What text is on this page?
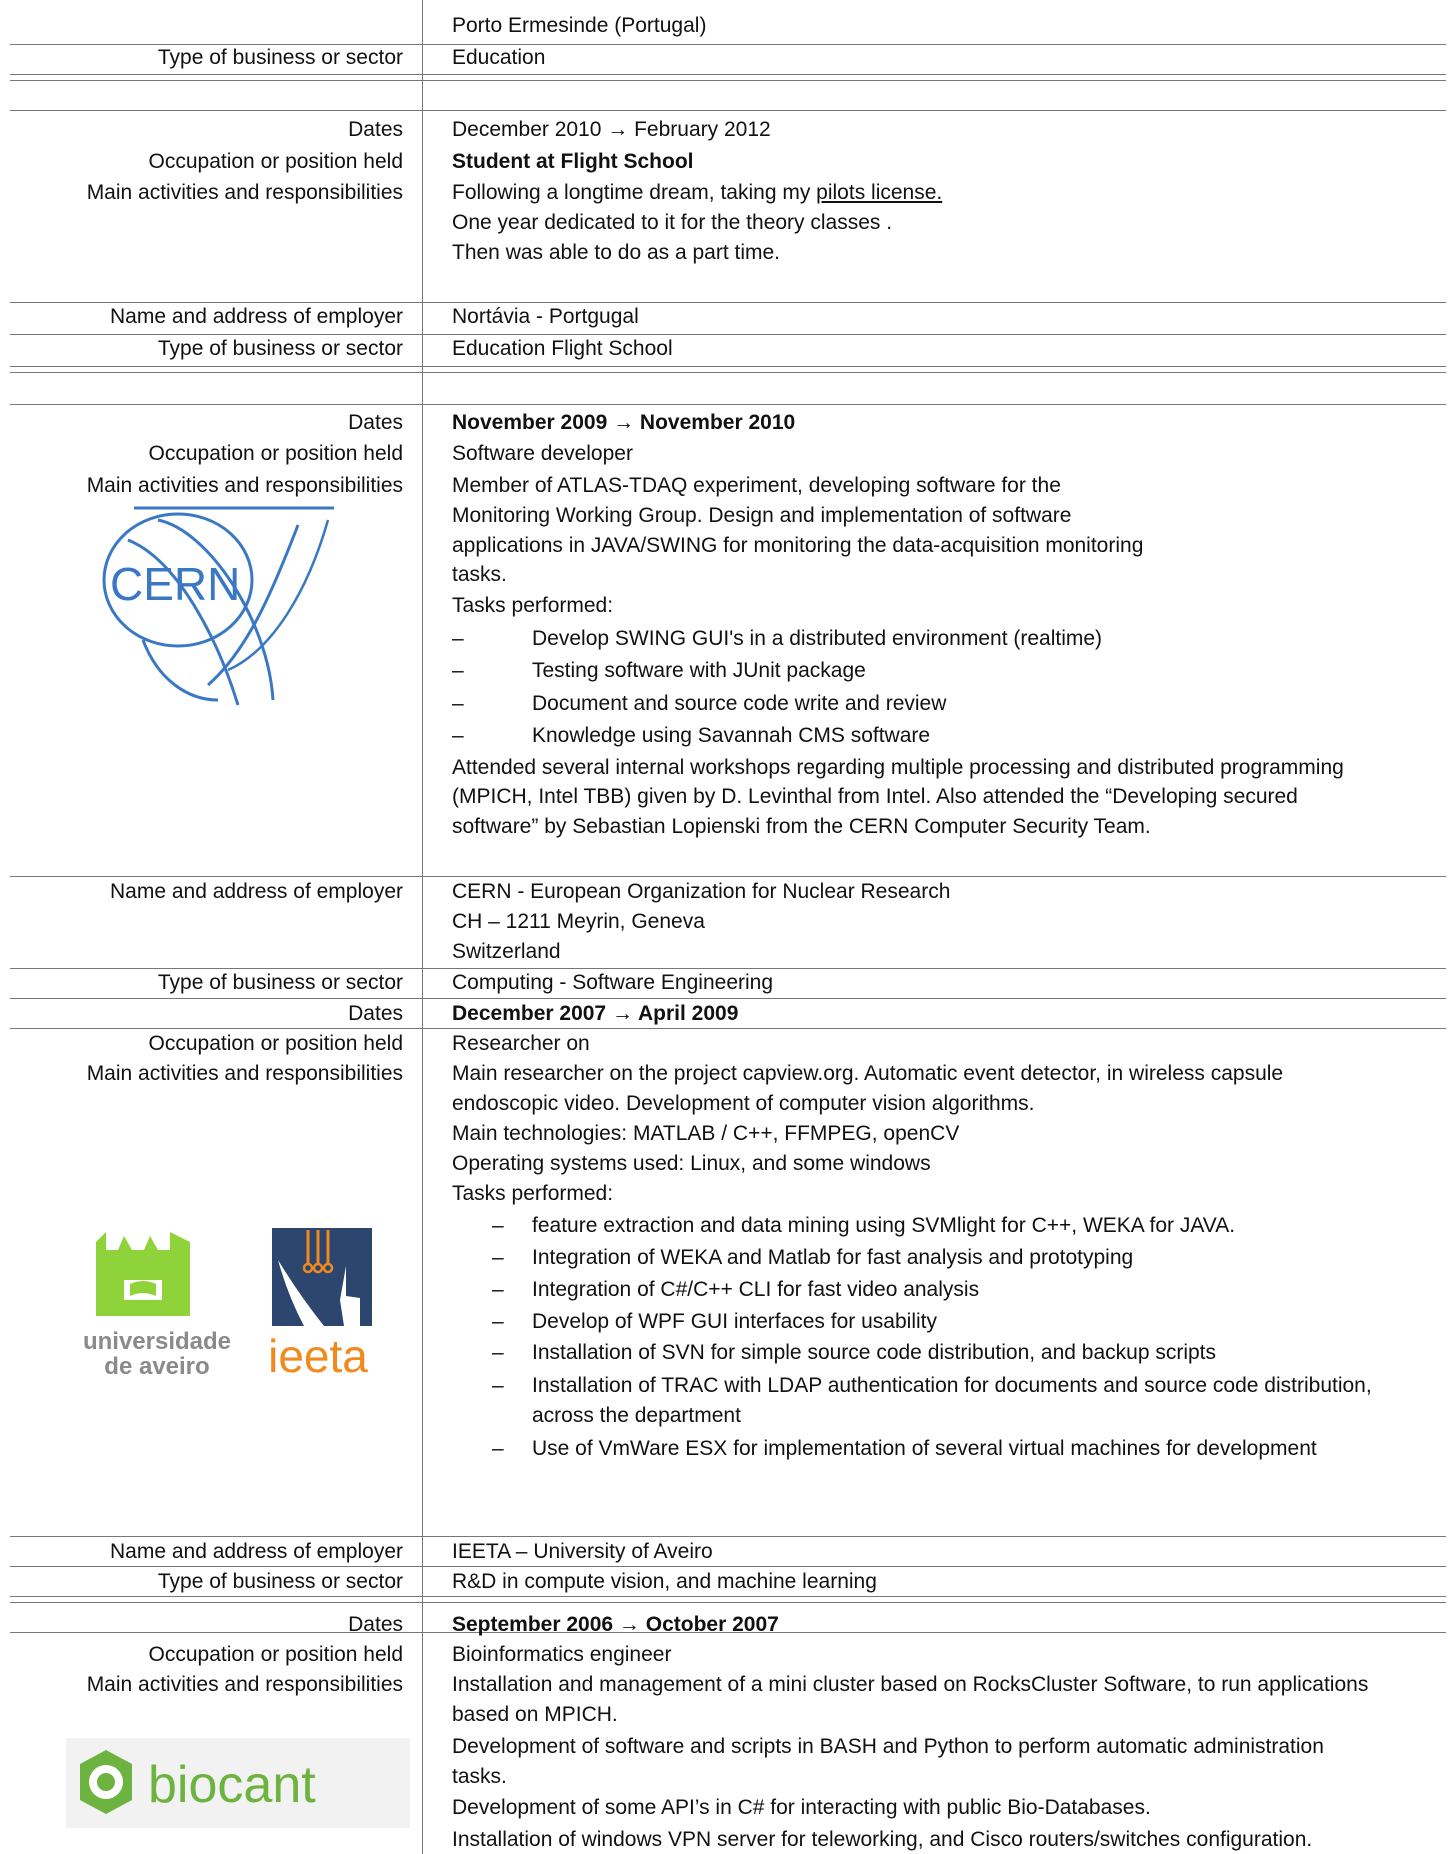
Porto Ermesinde (Portugal)
Type of business or sector Education
Dates December 2010 → February 2012
Occupation or position held Student at Flight School
Main activities and responsibilities Following a longtime dream, taking my pilots license.
One year dedicated to it for the theory classes .
Then was able to do as a part time.
Name and address of employer Nortávia - Portgugal
Type of business or sector Education Flight School
Dates November 2009 → November 2010
Occupation or position held Software developer
Main activities and responsibilities Member of ATLAS-TDAQ experiment, developing software for the
Monitoring Working Group. Design and implementation of software
applications in JAVA/SWING for monitoring the data-acquisition monitoring
tasks.
Tasks performed:
–	Develop SWING GUI's in a distributed environment (realtime)
–	Testing software with JUnit package
–	Document and source code write and review
–	Knowledge using Savannah CMS software
Attended several internal workshops regarding multiple processing and distributed programming
(MPICH, Intel TBB) given by D. Levinthal from Intel. Also attended the “Developing secured
software” by Sebastian Lopienski from the CERN Computer Security Team.
Name and address of employer CERN - European Organization for Nuclear Research
CH – 1211 Meyrin, Geneva
Switzerland
Type of business or sector Computing - Software Engineering
CERN
Dates December 2007 → April 2009
Occupation or position held Researcher on
Main activities and responsibilities Main researcher on the project capview.org. Automatic event detector, in wireless capsule
endoscopic video. Development of computer vision algorithms.
Main technologies: MATLAB / C++, FFMPEG, openCV
Operating systems used: Linux, and some windows
Tasks performed:
– feature extraction and data mining using SVMlight for C++, WEKA for JAVA.
– Integration of WEKA and Matlab for fast analysis and prototyping
– Integration of C#/C++ CLI for fast video analysis
– Develop of WPF GUI interfaces for usability
– Installation of SVN for simple source code distribution, and backup scripts
– Installation of TRAC with LDAP authentication for documents and source code distribution,
across the department
– Use of VmWare ESX for implementation of several virtual machines for development
Name and address of employer IEETA – University of Aveiro
Type of business or sector R&D in compute vision, and machine learning
universidade
de aveiro ieeta
Dates September 2006 → October 2007
Occupation or position held Bioinformatics engineer
Main activities and responsibilities Installation and management of a mini cluster based on RocksCluster Software, to run applications
based on MPICH.
Development of software and scripts in BASH and Python to perform automatic administration
tasks.
Development of some API’s in C# for interacting with public Bio-Databases.
Installation of windows VPN server for teleworking, and Cisco routers/switches configuration.
biocant
